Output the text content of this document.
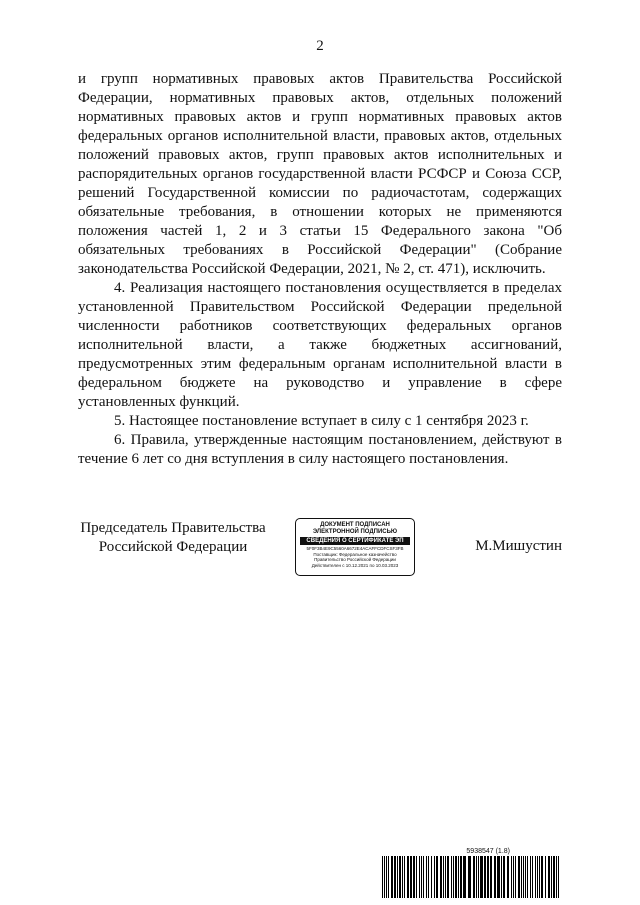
2

и групп нормативных правовых актов Правительства Российской Федерации, нормативных правовых актов, отдельных положений нормативных правовых актов и групп нормативных правовых актов федеральных органов исполнительной власти, правовых актов, отдельных положений правовых актов, групп правовых актов исполнительных и распорядительных органов государственной власти РСФСР и Союза ССР, решений Государственной комиссии по радиочастотам, содержащих обязательные требования, в отношении которых не применяются положения частей 1, 2 и 3 статьи 15 Федерального закона "Об обязательных требованиях в Российской Федерации" (Собрание законодательства Российской Федерации, 2021, № 2, ст. 471), исключить.

4. Реализация настоящего постановления осуществляется в пределах установленной Правительством Российской Федерации предельной численности работников соответствующих федеральных органов исполнительной власти, а также бюджетных ассигнований, предусмотренных этим федеральным органам исполнительной власти в федеральном бюджете на руководство и управление в сфере установленных функций.

5. Настоящее постановление вступает в силу с 1 сентября 2023 г.

6. Правила, утвержденные настоящим постановлением, действуют в течение 6 лет со дня вступления в силу настоящего постановления.

Председатель Правительства
Российской Федерации
ДОКУМЕНТ ПОДПИСАН
ЭЛЕКТРОННОЙ ПОДПИСЬЮ
СВЕДЕНИЯ О СЕРТИФИКАТЕ ЭП
5F0F3B4E9C5560A6672E4ACAFFCDFCSF3FB
Поставщик: Федеральное казначейство
Правительство Российской Федерации
Действителен с 10.12.2021 по 10.03.2023
М.Мишустин
5938547 (1.8)
